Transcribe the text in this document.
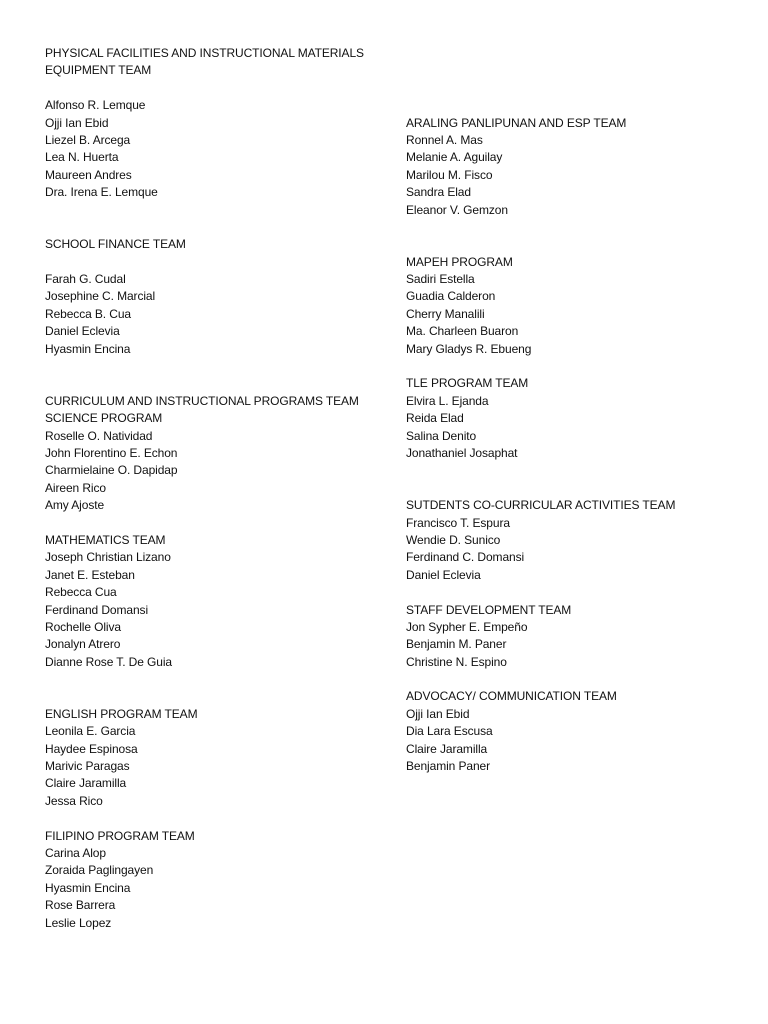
PHYSICAL FACILITIES AND INSTRUCTIONAL MATERIALS
EQUIPMENT TEAM
Alfonso R. Lemque
Ojji Ian Ebid
Liezel B. Arcega
Lea N. Huerta
Maureen Andres
Dra. Irena E. Lemque
SCHOOL FINANCE TEAM
Farah G. Cudal
Josephine C. Marcial
Rebecca B. Cua
Daniel Eclevia
Hyasmin Encina
CURRICULUM AND INSTRUCTIONAL PROGRAMS TEAM
SCIENCE PROGRAM
Roselle O. Natividad
John Florentino E. Echon
Charmielaine O. Dapidap
Aireen Rico
Amy Ajoste
MATHEMATICS TEAM
Joseph Christian Lizano
Janet E. Esteban
Rebecca Cua
Ferdinand Domansi
Rochelle Oliva
Jonalyn Atrero
Dianne Rose T. De Guia
ENGLISH PROGRAM TEAM
Leonila E. Garcia
Haydee Espinosa
Marivic Paragas
Claire Jaramilla
Jessa Rico
FILIPINO PROGRAM TEAM
Carina Alop
Zoraida Paglingayen
Hyasmin Encina
Rose Barrera
Leslie Lopez
ARALING PANLIPUNAN AND ESP TEAM
Ronnel A. Mas
Melanie A. Aguilay
Marilou M. Fisco
Sandra Elad
Eleanor V. Gemzon
MAPEH PROGRAM
Sadiri Estella
Guadia Calderon
Cherry Manalili
Ma. Charleen Buaron
Mary Gladys R. Ebueng
TLE PROGRAM TEAM
Elvira L. Ejanda
Reida Elad
Salina Denito
Jonathaniel Josaphat
SUTDENTS CO-CURRICULAR ACTIVITIES TEAM
Francisco T. Espura
Wendie D. Sunico
Ferdinand C. Domansi
Daniel Eclevia
STAFF DEVELOPMENT TEAM
Jon Sypher E. Empeño
Benjamin M. Paner
Christine N. Espino
ADVOCACY/ COMMUNICATION TEAM
Ojji Ian Ebid
Dia Lara Escusa
Claire Jaramilla
Benjamin Paner
